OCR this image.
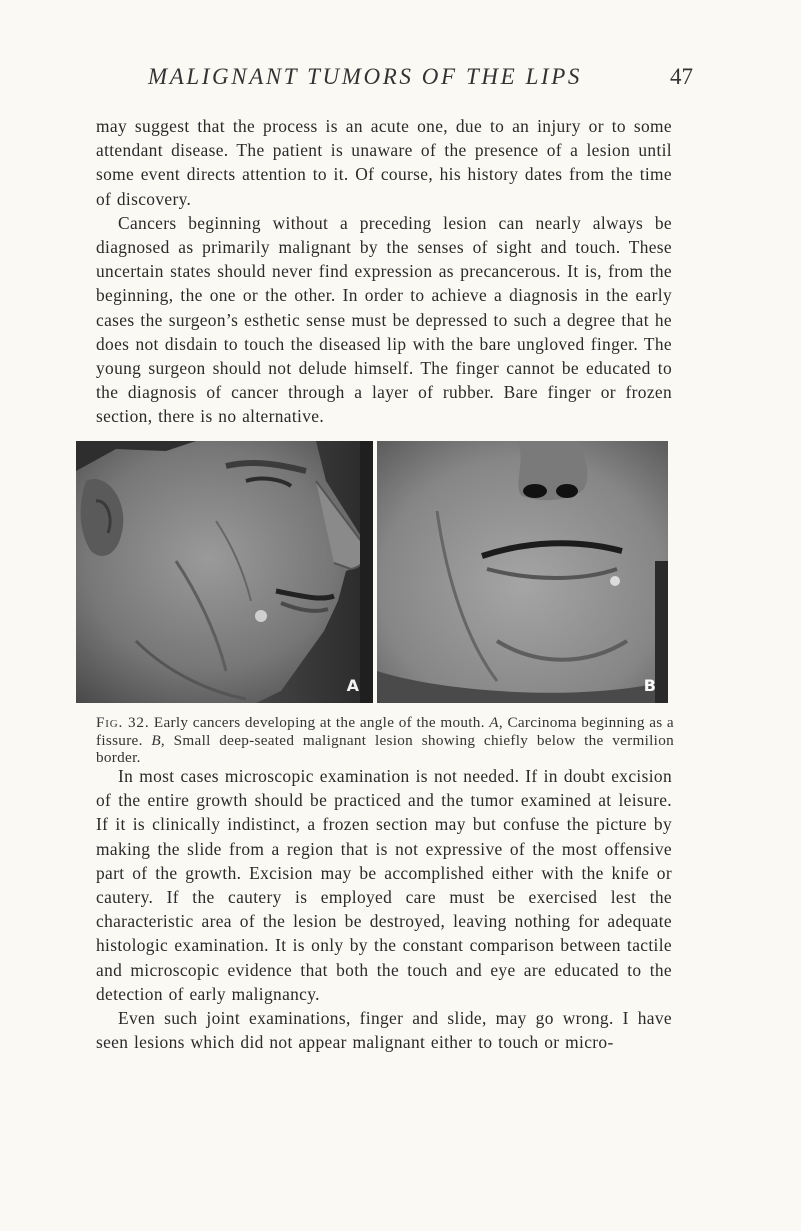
MALIGNANT TUMORS OF THE LIPS	47

may suggest that the process is an acute one, due to an injury or to some attendant disease. The patient is unaware of the presence of a lesion until some event directs attention to it. Of course, his history dates from the time of discovery.

Cancers beginning without a preceding lesion can nearly always be diagnosed as primarily malignant by the senses of sight and touch. These uncertain states should never find expression as precancerous. It is, from the beginning, the one or the other. In order to achieve a diagnosis in the early cases the surgeon’s esthetic sense must be depressed to such a degree that he does not disdain to touch the diseased lip with the bare ungloved finger. The young surgeon should not delude himself. The finger cannot be educated to the diagnosis of cancer through a layer of rubber. Bare finger or frozen section, there is no alternative.

A	B
Fig. 32. Early cancers developing at the angle of the mouth. A, Carcinoma beginning as a fissure. B, Small deep-seated malignant lesion showing chiefly below the vermilion border.

In most cases microscopic examination is not needed. If in doubt excision of the entire growth should be practiced and the tumor examined at leisure. If it is clinically indistinct, a frozen section may but confuse the picture by making the slide from a region that is not expressive of the most offensive part of the growth. Excision may be accomplished either with the knife or cautery. If the cautery is employed care must be exercised lest the characteristic area of the lesion be destroyed, leaving nothing for adequate histologic examination. It is only by the constant comparison between tactile and microscopic evidence that both the touch and eye are educated to the detection of early malignancy.

Even such joint examinations, finger and slide, may go wrong. I have seen lesions which did not appear malignant either to touch or micro-
